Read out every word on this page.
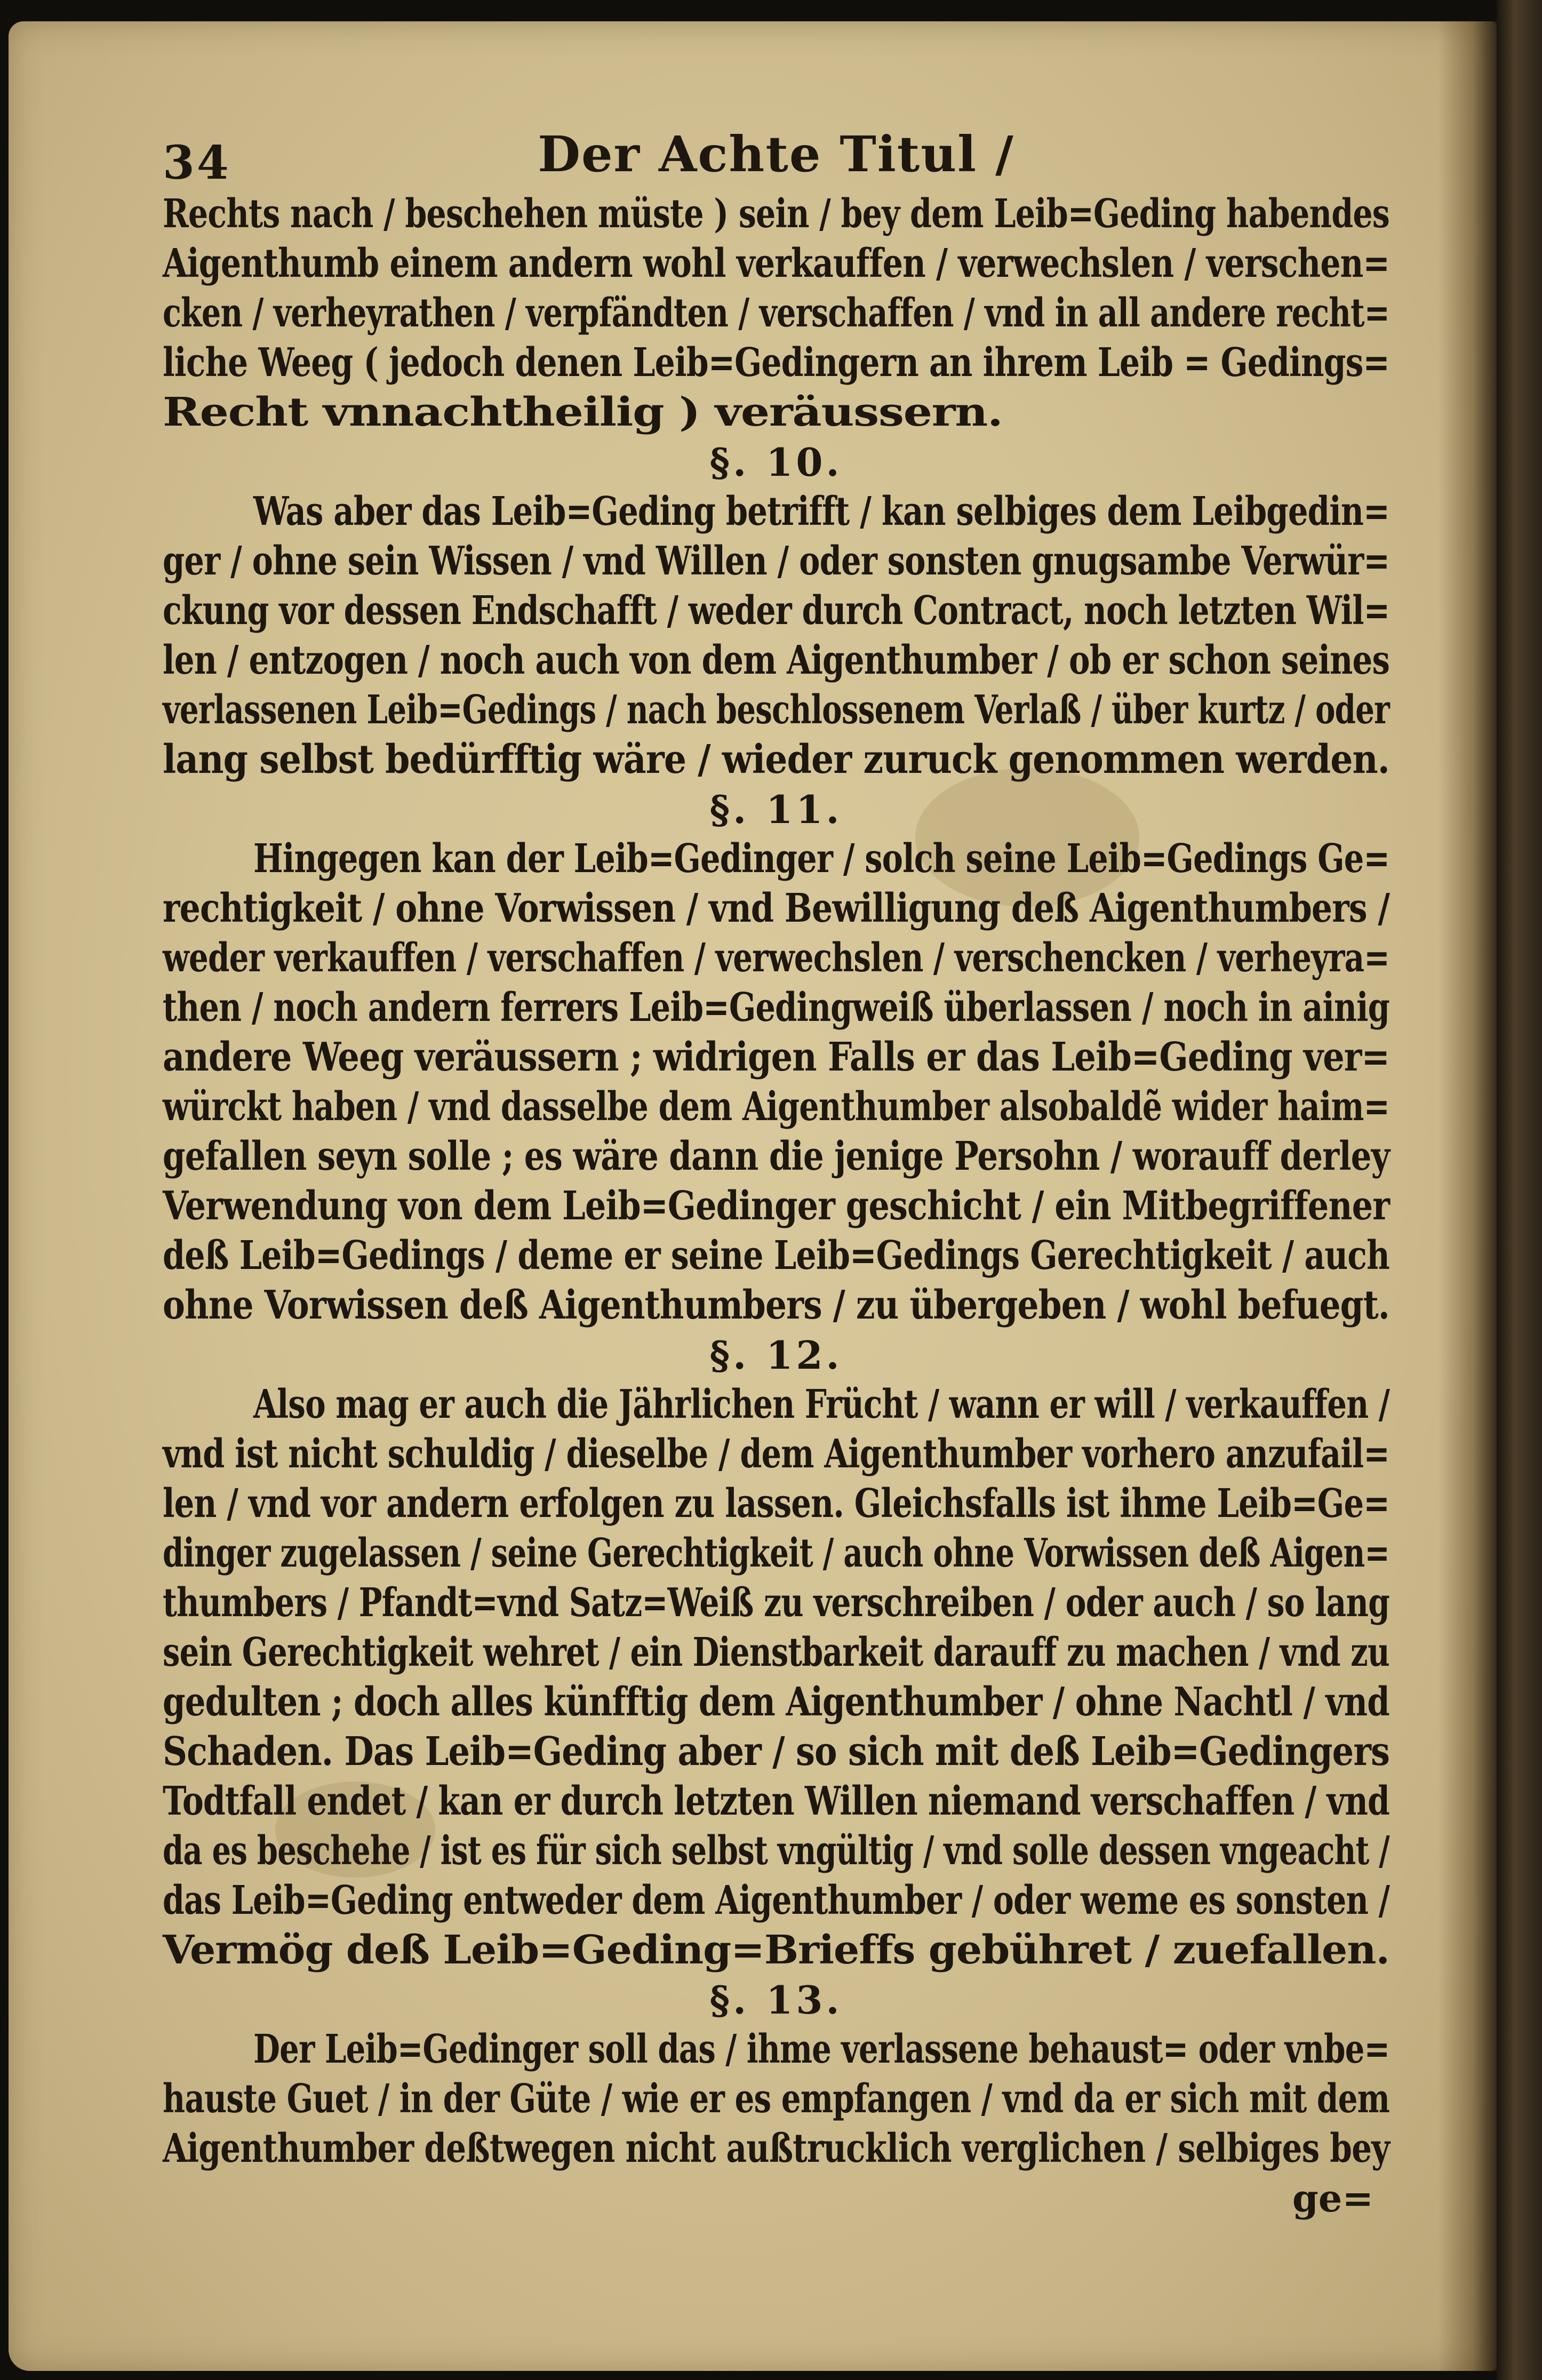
34	Der Achte Titul /
Rechts nach / beschehen müste ) sein / bey dem Leib=Geding habendes
Aigenthumb einem andern wohl verkauffen / verwechslen / verschen=
cken / verheyrathen / verpfändten / verschaffen / vnd in all andere recht=
liche Weeg ( jedoch denen Leib=Gedingern an ihrem Leib = Gedings=
Recht vnnachtheilig ) veräussern.
§. 10.
Was aber das Leib=Geding betrifft / kan selbiges dem Leibgedin=
ger / ohne sein Wissen / vnd Willen / oder sonsten gnugsambe Verwür=
ckung vor dessen Endschafft / weder durch Contract, noch letzten Wil=
len / entzogen / noch auch von dem Aigenthumber / ob er schon seines
verlassenen Leib=Gedings / nach beschlossenem Verlaß / über kurtz / oder
lang selbst bedürfftig wäre / wieder zuruck genommen werden.
§. 11.
Hingegen kan der Leib=Gedinger / solch seine Leib=Gedings Ge=
rechtigkeit / ohne Vorwissen / vnd Bewilligung deß Aigenthumbers /
weder verkauffen / verschaffen / verwechslen / verschencken / verheyra=
then / noch andern ferrers Leib=Gedingweiß überlassen / noch in ainig
andere Weeg veräussern ; widrigen Falls er das Leib=Geding ver=
würckt haben / vnd dasselbe dem Aigenthumber alsobaldẽ wider haim=
gefallen seyn solle ; es wäre dann die jenige Persohn / worauff derley
Verwendung von dem Leib=Gedinger geschicht / ein Mitbegriffener
deß Leib=Gedings / deme er seine Leib=Gedings Gerechtigkeit / auch
ohne Vorwissen deß Aigenthumbers / zu übergeben / wohl befuegt.
§. 12.
Also mag er auch die Jährlichen Frücht / wann er will / verkauffen /
vnd ist nicht schuldig / dieselbe / dem Aigenthumber vorhero anzufail=
len / vnd vor andern erfolgen zu lassen. Gleichsfalls ist ihme Leib=Ge=
dinger zugelassen / seine Gerechtigkeit / auch ohne Vorwissen deß Aigen=
thumbers / Pfandt=vnd Satz=Weiß zu verschreiben / oder auch / so lang
sein Gerechtigkeit wehret / ein Dienstbarkeit darauff zu machen / vnd zu
gedulten ; doch alles künfftig dem Aigenthumber / ohne Nachtl / vnd
Schaden. Das Leib=Geding aber / so sich mit deß Leib=Gedingers
Todtfall endet / kan er durch letzten Willen niemand verschaffen / vnd
da es beschehe / ist es für sich selbst vngültig / vnd solle dessen vngeacht /
das Leib=Geding entweder dem Aigenthumber / oder weme es sonsten /
Vermög deß Leib=Geding=Brieffs gebühret / zuefallen.
§. 13.
Der Leib=Gedinger soll das / ihme verlassene behaust= oder vnbe=
hauste Guet / in der Güte / wie er es empfangen / vnd da er sich mit dem
Aigenthumber deßtwegen nicht außtrucklich verglichen / selbiges bey
ge=
